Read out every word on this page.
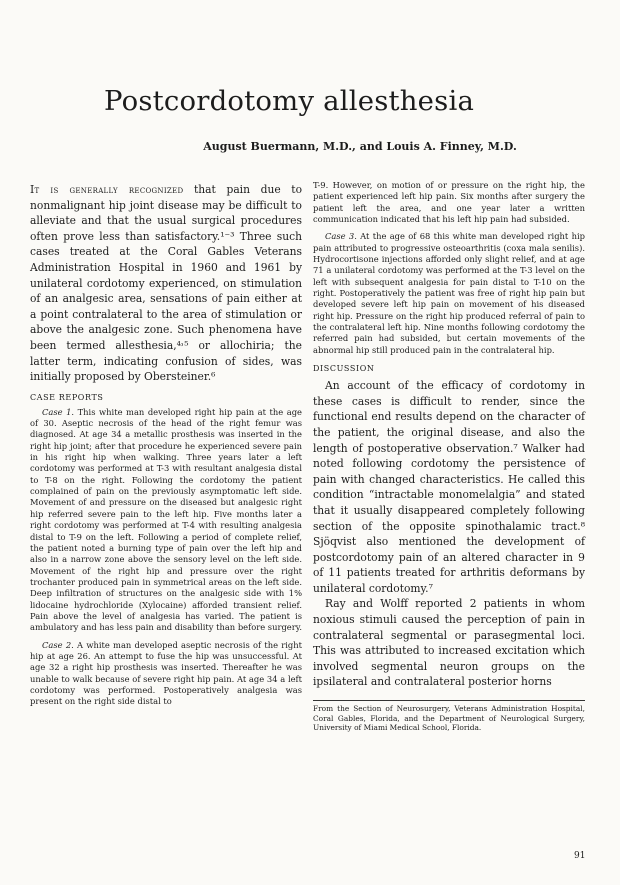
Postcordotomy allesthesia
August Buermann, M.D., and Louis A. Finney, M.D.

It is generally recognized that pain due to nonmalignant hip joint disease may be difficult to alleviate and that the usual surgical procedures often prove less than satisfactory.¹⁻³ Three such cases treated at the Coral Gables Veterans Administration Hospital in 1960 and 1961 by unilateral cordotomy experienced, on stimulation of an analgesic area, sensations of pain either at a point contralateral to the area of stimulation or above the analgesic zone. Such phenomena have been termed allesthesia,⁴˒⁵ or allochiria; the latter term, indicating confusion of sides, was initially proposed by Obersteiner.⁶

CASE REPORTS

Case 1. This white man developed right hip pain at the age of 30. Aseptic necrosis of the head of the right femur was diagnosed. At age 34 a metallic prosthesis was inserted in the right hip joint; after that procedure he experienced severe pain in his right hip when walking. Three years later a left cordotomy was performed at T-3 with resultant analgesia distal to T-8 on the right. Following the cordotomy the patient complained of pain on the previously asymptomatic left side. Movement of and pressure on the diseased but analgesic right hip referred severe pain to the left hip. Five months later a right cordotomy was performed at T-4 with resulting analgesia distal to T-9 on the left. Following a period of complete relief, the patient noted a burning type of pain over the left hip and also in a narrow zone above the sensory level on the left side. Movement of the right hip and pressure over the right trochanter produced pain in symmetrical areas on the left side. Deep infiltration of structures on the analgesic side with 1% lidocaine hydrochloride (Xylocaine) afforded transient relief. Pain above the level of analgesia has varied. The patient is ambulatory and has less pain and disability than before surgery.

Case 2. A white man developed aseptic necrosis of the right hip at age 26. An attempt to fuse the hip was unsuccessful. At age 32 a right hip prosthesis was inserted. Thereafter he was unable to walk because of severe right hip pain. At age 34 a left cordotomy was performed. Postoperatively analgesia was present on the right side distal to

T-9. However, on motion of or pressure on the right hip, the patient experienced left hip pain. Six months after surgery the patient left the area, and one year later a written communication indicated that his left hip pain had subsided.

Case 3. At the age of 68 this white man developed right hip pain attributed to progressive osteoarthritis (coxa mala senilis). Hydrocortisone injections afforded only slight relief, and at age 71 a unilateral cordotomy was performed at the T-3 level on the left with subsequent analgesia for pain distal to T-10 on the right. Postoperatively the patient was free of right hip pain but developed severe left hip pain on movement of his diseased right hip. Pressure on the right hip produced referral of pain to the contralateral left hip. Nine months following cordotomy the referred pain had subsided, but certain movements of the abnormal hip still produced pain in the contralateral hip.

DISCUSSION

An account of the efficacy of cordotomy in these cases is difficult to render, since the functional end results depend on the character of the patient, the original disease, and also the length of postoperative observation.⁷ Walker had noted following cordotomy the persistence of pain with changed characteristics. He called this condition “intractable monomelalgia” and stated that it usually disappeared completely following section of the opposite spinothalamic tract.⁸ Sjöqvist also mentioned the development of postcordotomy pain of an altered character in 9 of 11 patients treated for arthritis deformans by unilateral cordotomy.⁷

Ray and Wolff reported 2 patients in whom noxious stimuli caused the perception of pain in contralateral segmental or parasegmental loci. This was attributed to increased excitation which involved segmental neuron groups on the ipsilateral and contralateral posterior horns

From the Section of Neurosurgery, Veterans Administration Hospital, Coral Gables, Florida, and the Department of Neurological Surgery, University of Miami Medical School, Florida.

91
